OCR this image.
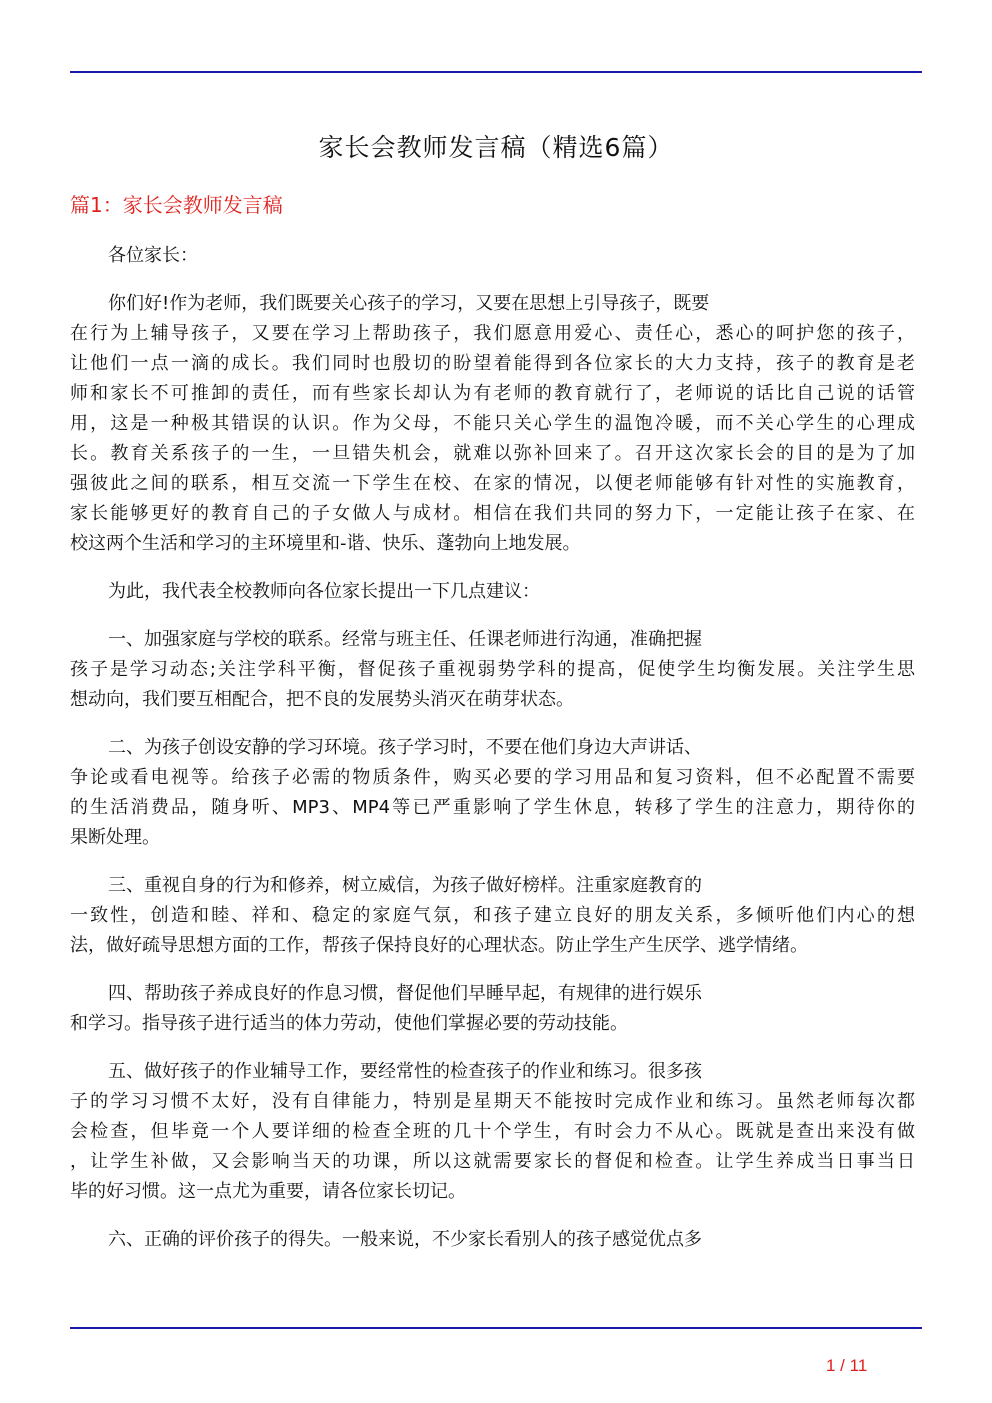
家长会教师发言稿（精选6篇）
篇1：家长会教师发言稿
各位家长：
你们好!作为老师，我们既要关心孩子的学习，又要在思想上引导孩子，既要
在行为上辅导孩子，又要在学习上帮助孩子，我们愿意用爱心、责任心，悉心的呵护您的孩子，
让他们一点一滴的成长。我们同时也殷切的盼望着能得到各位家长的大力支持，孩子的教育是老
师和家长不可推卸的责任，而有些家长却认为有老师的教育就行了，老师说的话比自己说的话管
用，这是一种极其错误的认识。作为父母，不能只关心学生的温饱冷暖，而不关心学生的心理成
长。教育关系孩子的一生，一旦错失机会，就难以弥补回来了。召开这次家长会的目的是为了加
强彼此之间的联系，相互交流一下学生在校、在家的情况，以便老师能够有针对性的实施教育，
家长能够更好的教育自己的子女做人与成材。相信在我们共同的努力下，一定能让孩子在家、在
校这两个生活和学习的主环境里和-谐、快乐、蓬勃向上地发展。
为此，我代表全校教师向各位家长提出一下几点建议：
一、加强家庭与学校的联系。经常与班主任、任课老师进行沟通，准确把握
孩子是学习动态;关注学科平衡，督促孩子重视弱势学科的提高，促使学生均衡发展。关注学生思
想动向，我们要互相配合，把不良的发展势头消灭在萌芽状态。
二、为孩子创设安静的学习环境。孩子学习时，不要在他们身边大声讲话、
争论或看电视等。给孩子必需的物质条件，购买必要的学习用品和复习资料，但不必配置不需要
的生活消费品，随身听、MP3、MP4等已严重影响了学生休息，转移了学生的注意力，期待你的
果断处理。
三、重视自身的行为和修养，树立威信，为孩子做好榜样。注重家庭教育的
一致性，创造和睦、祥和、稳定的家庭气氛，和孩子建立良好的朋友关系，多倾听他们内心的想
法，做好疏导思想方面的工作，帮孩子保持良好的心理状态。防止学生产生厌学、逃学情绪。
四、帮助孩子养成良好的作息习惯，督促他们早睡早起，有规律的进行娱乐
和学习。指导孩子进行适当的体力劳动，使他们掌握必要的劳动技能。
五、做好孩子的作业辅导工作，要经常性的检查孩子的作业和练习。很多孩
子的学习习惯不太好，没有自律能力，特别是星期天不能按时完成作业和练习。虽然老师每次都
会检查，但毕竟一个人要详细的检查全班的几十个学生，有时会力不从心。既就是查出来没有做
，让学生补做，又会影响当天的功课，所以这就需要家长的督促和检查。让学生养成当日事当日
毕的好习惯。这一点尤为重要，请各位家长切记。
六、正确的评价孩子的得失。一般来说，不少家长看别人的孩子感觉优点多
1 / 11
